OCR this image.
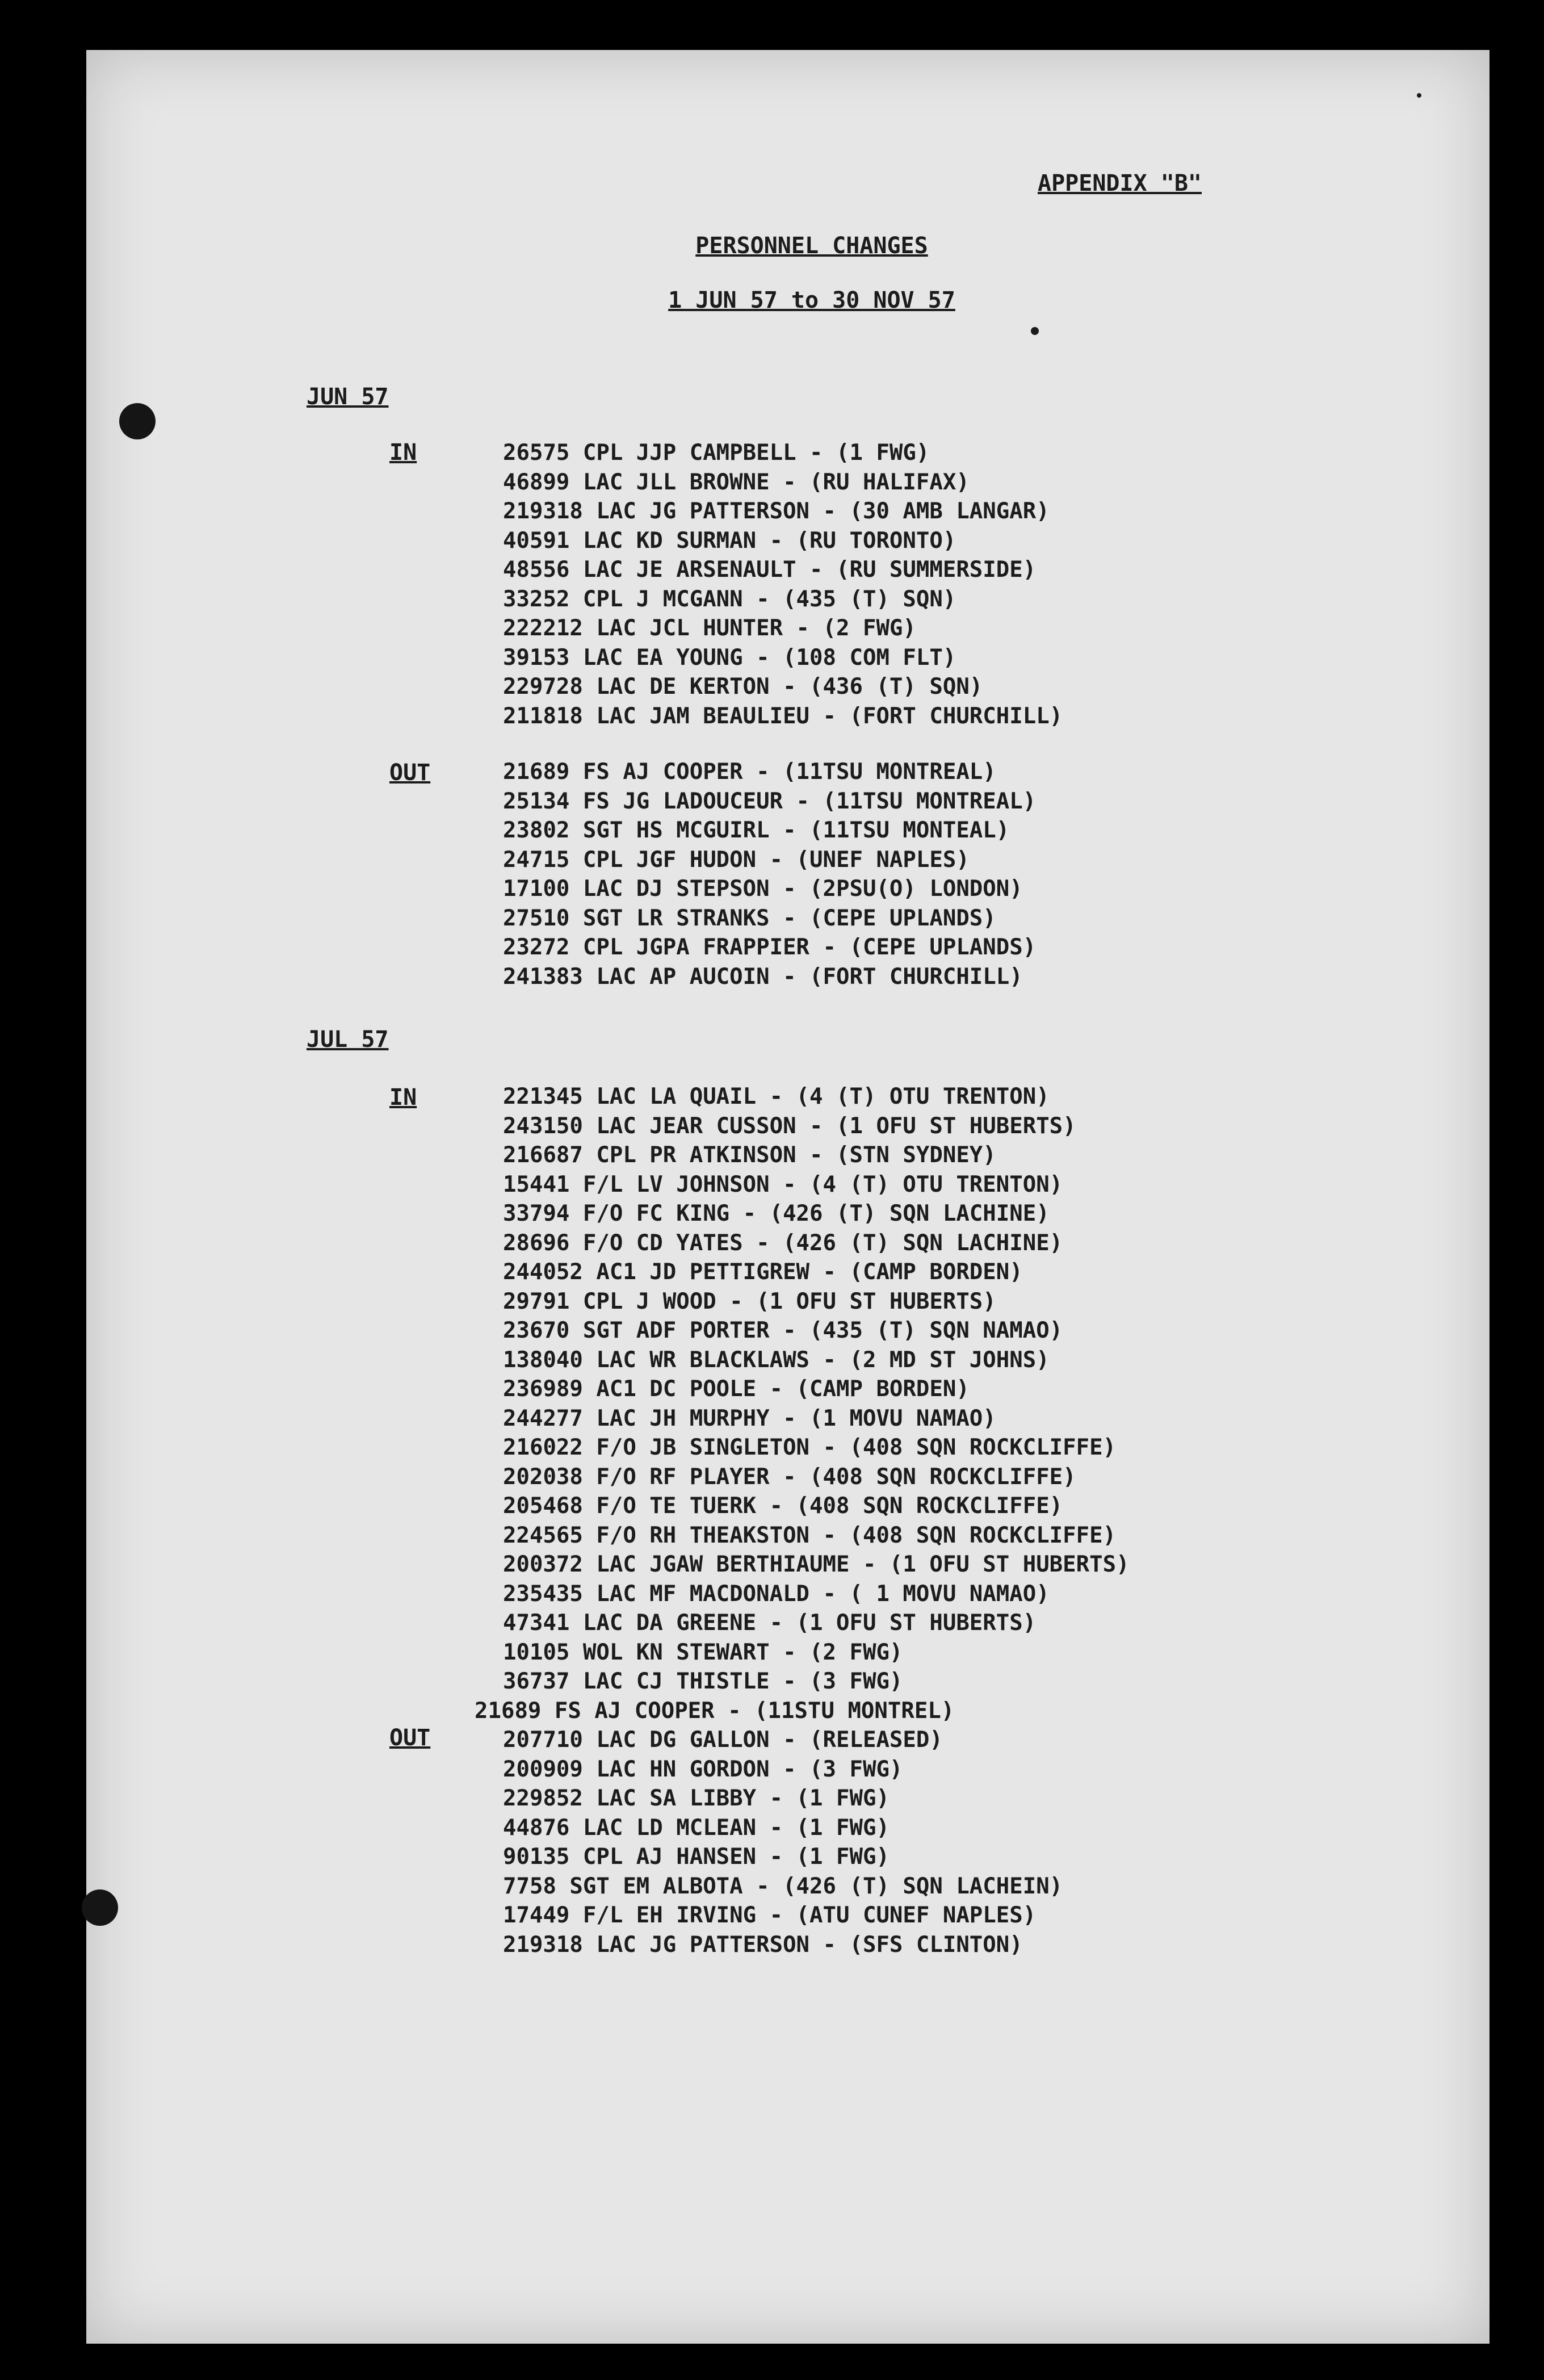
APPENDIX "B"
PERSONNEL CHANGES
1 JUN 57 to 30 NOV 57
JUN 57
IN	26575 CPL JJP CAMPBELL - (1 FWG)
46899 LAC JLL BROWNE - (RU HALIFAX)
219318 LAC JG PATTERSON - (30 AMB LANGAR)
40591 LAC KD SURMAN - (RU TORONTO)
48556 LAC JE ARSENAULT - (RU SUMMERSIDE)
33252 CPL J MCGANN - (435 (T) SQN)
222212 LAC JCL HUNTER - (2 FWG)
39153 LAC EA YOUNG - (108 COM FLT)
229728 LAC DE KERTON - (436 (T) SQN)
211818 LAC JAM BEAULIEU - (FORT CHURCHILL)
OUT	21689 FS AJ COOPER - (11TSU MONTREAL)
25134 FS JG LADOUCEUR - (11TSU MONTREAL)
23802 SGT HS MCGUIRL - (11TSU MONTEAL)
24715 CPL JGF HUDON - (UNEF NAPLES)
17100 LAC DJ STEPSON - (2PSU(O) LONDON)
27510 SGT LR STRANKS - (CEPE UPLANDS)
23272 CPL JGPA FRAPPIER - (CEPE UPLANDS)
241383 LAC AP AUCOIN - (FORT CHURCHILL)
JUL 57
IN	221345 LAC LA QUAIL - (4 (T) OTU TRENTON)
243150 LAC JEAR CUSSON - (1 OFU ST HUBERTS)
216687 CPL PR ATKINSON - (STN SYDNEY)
15441 F/L LV JOHNSON - (4 (T) OTU TRENTON)
33794 F/O FC KING - (426 (T) SQN LACHINE)
28696 F/O CD YATES - (426 (T) SQN LACHINE)
244052 AC1 JD PETTIGREW - (CAMP BORDEN)
29791 CPL J WOOD - (1 OFU ST HUBERTS)
23670 SGT ADF PORTER - (435 (T) SQN NAMAO)
138040 LAC WR BLACKLAWS - (2 MD ST JOHNS)
236989 AC1 DC POOLE - (CAMP BORDEN)
244277 LAC JH MURPHY - (1 MOVU NAMAO)
216022 F/O JB SINGLETON - (408 SQN ROCKCLIFFE)
202038 F/O RF PLAYER - (408 SQN ROCKCLIFFE)
205468 F/O TE TUERK - (408 SQN ROCKCLIFFE)
224565 F/O RH THEAKSTON - (408 SQN ROCKCLIFFE)
200372 LAC JGAW BERTHIAUME - (1 OFU ST HUBERTS)
235435 LAC MF MACDONALD - ( 1 MOVU NAMAO)
47341 LAC DA GREENE - (1 OFU ST HUBERTS)
10105 WOL KN STEWART - (2 FWG)
36737 LAC CJ THISTLE - (3 FWG)
21689 FS AJ COOPER - (11STU MONTREL)
OUT	207710 LAC DG GALLON - (RELEASED)
200909 LAC HN GORDON - (3 FWG)
229852 LAC SA LIBBY - (1 FWG)
44876 LAC LD MCLEAN - (1 FWG)
90135 CPL AJ HANSEN - (1 FWG)
7758 SGT EM ALBOTA - (426 (T) SQN LACHEIN)
17449 F/L EH IRVING - (ATU CUNEF NAPLES)
219318 LAC JG PATTERSON - (SFS CLINTON)
